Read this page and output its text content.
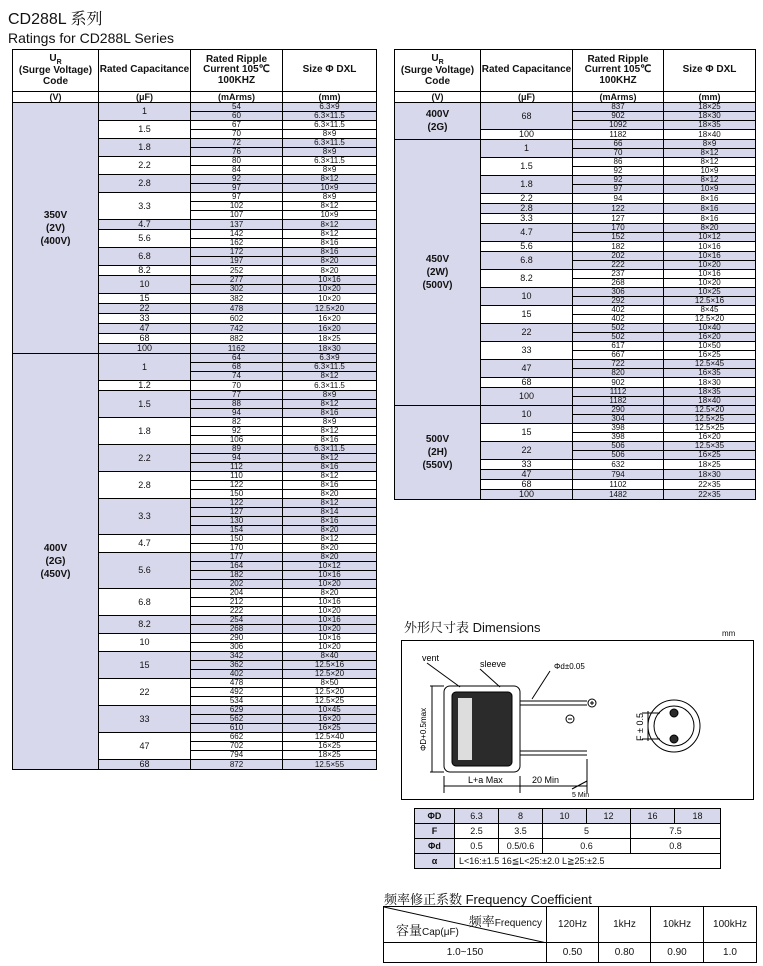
CD288L 系列
Ratings for CD288L Series
$U_R$
(Surge Voltage)
Code	Rated Capacitance	Rated Ripple Current 105℃ 100KHZ	Size Φ DXL
(V)	(μF)	(mArms)	(mm)
350V
(2V)
(400V)	1	54	6.3×9
		60	6.3×11.5
	1.5	67	6.3×11.5
		70	8×9
	1.8	72	6.3×11.5
		76	8×9
	2.2	80	6.3×11.5
		84	8×9
	2.8	92	8×12
		97	10×9
	3.3	97	8×9
		102	8×12
		107	10×9
	4.7	137	8×12
	5.6	142	8×12
		162	8×16
	6.8	172	8×16
		197	8×20
	8.2	252	8×20
	10	277	10×16
		302	10×20
	15	382	10×20
	22	478	12.5×20
	33	602	16×20
	47	742	16×20
	68	882	18×25
	100	1162	18×30
400V
(2G)
(450V)	1	64	6.3×9
		68	6.3×11.5
		74	8×12
	1.2	70	6.3×11.5
	1.5	77	8×9
		88	8×12
		94	8×16
	1.8	82	8×9
		92	8×12
		106	8×16
	2.2	89	6.3×11.5
		94	8×12
		112	8×16
	2.8	110	8×12
		122	8×16
		150	8×20
	3.3	122	8×12
		127	8×14
		130	8×16
		154	8×20
	4.7	150	8×12
		170	8×20
	5.6	177	8×20
		164	10×12
		182	10×16
		202	10×20
	6.8	204	8×20
		212	10×16
		222	10×20
	8.2	254	10×16
		268	10×20
	10	290	10×16
		306	10×20
	15	342	8×40
		362	12.5×16
		402	12.5×20
	22	478	8×50
		492	12.5×20
		534	12.5×25
	33	629	10×45
		562	16×20
		610	16×25
	47	662	12.5×40
		702	16×25
		794	18×25
	68	872	12.5×55
$U_R$
(Surge Voltage)
Code	Rated Capacitance	Rated Ripple Current 105℃ 100KHZ	Size Φ DXL
(V)	(μF)	(mArms)	(mm)
400V
(2G)	68	837	18×25
		902	18×30
		1092	18×35
	100	1182	18×40
450V
(2W)
(500V)	1	66	8×9
		70	8×12
	1.5	86	8×12
		92	10×9
	1.8	92	8×12
		97	10×9
	2.2	94	8×16
	2.8	122	8×16
	3.3	127	8×16
	4.7	170	8×20
		152	10×12
	5.6	182	10×16
	6.8	202	10×16
		222	10×20
	8.2	237	10×16
		268	10×20
	10	306	10×25
		292	12.5×16
	15	402	8×45
		402	12.5×20
	22	502	10×40
		502	16×20
	33	617	10×50
		667	16×25
	47	722	12.5×45
		820	16×35
	68	902	18×30
	100	1112	18×35
		1182	18×40
500V
(2H)
(550V)	10	290	12.5×20
		304	12.5×25
	15	398	12.5×25
		398	16×20
	22	506	12.5×35
		506	16×25
	33	632	18×25
	47	794	18×30
	68	1102	22×35
	100	1482	22×35
外形尺寸表 Dimensions	mm
vent
sleeve	Φd±0.05
L+a Max	20 Min
5 Min
ΦD+0.5max	F ± 0.5
ΦD	6.3	8	10	12	16	18
F	2.5	3.5	5		7.5	
Φd	0.5	0.5/0.6	0.6		0.8	
α	L<16:±1.5 16≦L<25:±2.0 L≧25:±2.5					
频率修正系数 Frequency Coefficient
频率Frequency
容量Cap(μF)	120Hz	1kHz	10kHz	100kHz
1.0~150	0.50	0.80	0.90	1.0
